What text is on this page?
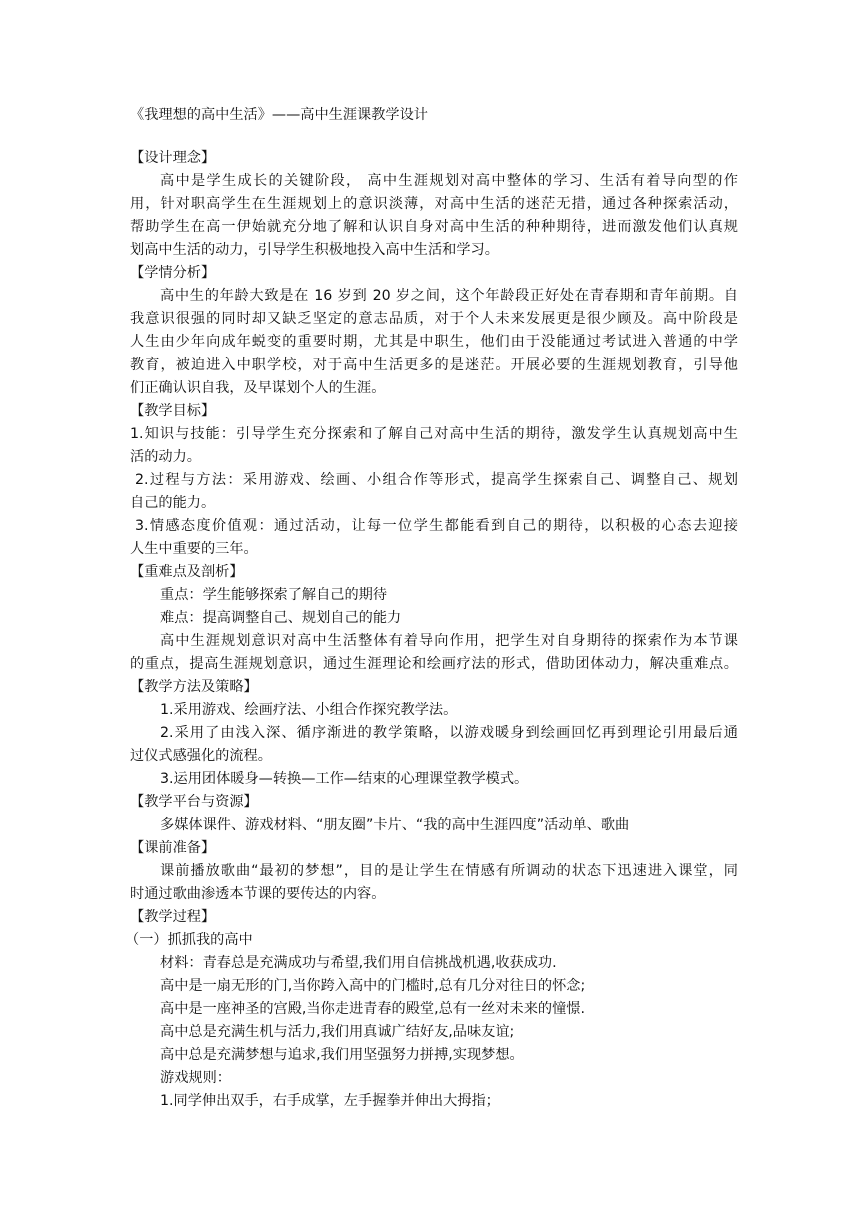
《我理想的高中生活》——高中生涯课教学设计
【设计理念】
高中是学生成长的关键阶段， 高中生涯规划对高中整体的学习、生活有着导向型的作
用，针对职高学生在生涯规划上的意识淡薄，对高中生活的迷茫无措，通过各种探索活动，
帮助学生在高一伊始就充分地了解和认识自身对高中生活的种种期待，进而激发他们认真规
划高中生活的动力，引导学生积极地投入高中生活和学习。
【学情分析】
高中生的年龄大致是在 16 岁到 20 岁之间，这个年龄段正好处在青春期和青年前期。自
我意识很强的同时却又缺乏坚定的意志品质，对于个人未来发展更是很少顾及。高中阶段是
人生由少年向成年蜕变的重要时期，尤其是中职生，他们由于没能通过考试进入普通的中学
教育，被迫进入中职学校，对于高中生活更多的是迷茫。开展必要的生涯规划教育，引导他
们正确认识自我，及早谋划个人的生涯。
【教学目标】
1.知识与技能：引导学生充分探索和了解自己对高中生活的期待，激发学生认真规划高中生
活的动力。
2.过程与方法：采用游戏、绘画、小组合作等形式，提高学生探索自己、调整自己、规划
自己的能力。
3.情感态度价值观：通过活动，让每一位学生都能看到自己的期待，以积极的心态去迎接
人生中重要的三年。
【重难点及剖析】
重点：学生能够探索了解自己的期待
难点：提高调整自己、规划自己的能力
高中生涯规划意识对高中生活整体有着导向作用，把学生对自身期待的探索作为本节课
的重点，提高生涯规划意识，通过生涯理论和绘画疗法的形式，借助团体动力，解决重难点。
【教学方法及策略】
1.采用游戏、绘画疗法、小组合作探究教学法。
2.采用了由浅入深、循序渐进的教学策略，以游戏暖身到绘画回忆再到理论引用最后通
过仪式感强化的流程。
3.运用团体暖身—转换—工作—结束的心理课堂教学模式。
【教学平台与资源】
多媒体课件、游戏材料、“朋友圈”卡片、“我的高中生涯四度”活动单、歌曲
【课前准备】
课前播放歌曲“最初的梦想”，目的是让学生在情感有所调动的状态下迅速进入课堂，同
时通过歌曲渗透本节课的要传达的内容。
【教学过程】
（一）抓抓我的高中
材料：青春总是充满成功与希望,我们用自信挑战机遇,收获成功.
高中是一扇无形的门,当你跨入高中的门槛时,总有几分对往日的怀念;
高中是一座神圣的宫殿,当你走进青春的殿堂,总有一丝对未来的憧憬.
高中总是充满生机与活力,我们用真诚广结好友,品味友谊;
高中总是充满梦想与追求,我们用坚强努力拼搏,实现梦想。
游戏规则：
1.同学伸出双手，右手成掌，左手握拳并伸出大拇指；
